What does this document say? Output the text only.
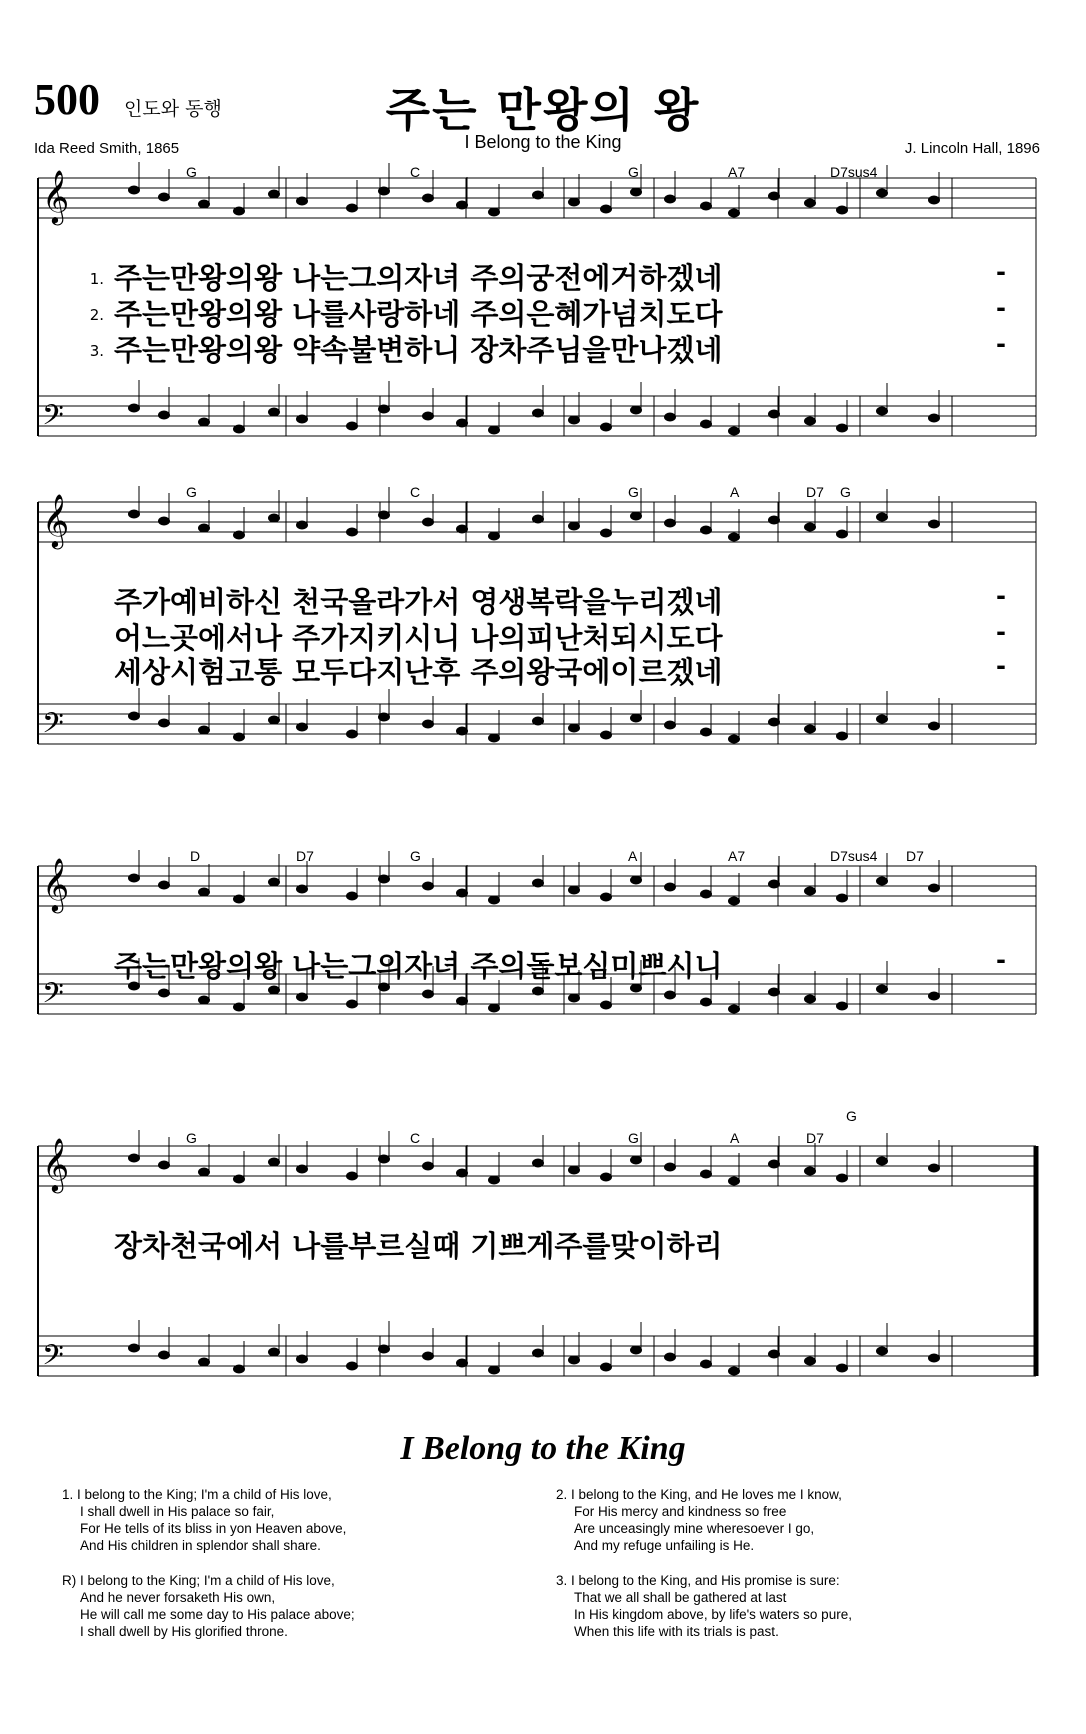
500 인도와 동행	주는 만왕의 왕
I Belong to the King
Ida Reed Smith, 1865	J. Lincoln Hall, 1896
𝄞
𝄢
G	C	G	A7	D7sus4
1. 주는만왕의왕 나는그의자녀 주의궁전에거하겠네
2. 주는만왕의왕 나를사랑하네 주의은혜가넘치도다
3. 주는만왕의왕 약속불변하니 장차주님을만나겠네
-
-
-
𝄞
𝄢
G	C	G	A	D7 G
주가예비하신 천국올라가서 영생복락을누리겠네
어느곳에서나 주가지키시니 나의피난처되시도다
세상시험고통 모두다지난후 주의왕국에이르겠네
-
-
-
𝄞
𝄢
D	D7	G	A	A7	D7sus4 D7
주는만왕의왕 나는그의자녀 주의돌보심미쁘시니	-
𝄞
𝄢
G	C	G	A	D7
G
장차천국에서 나를부르실때 기쁘게주를맞이하리
I Belong to the King
1. I belong to the King; I'm a child of His love,
I shall dwell in His palace so fair,
For He tells of its bliss in yon Heaven above,
And His children in splendor shall share.
R) I belong to the King; I'm a child of His love,
And he never forsaketh His own,
He will call me some day to His palace above;
I shall dwell by His glorified throne.
2. I belong to the King, and He loves me I know,
For His mercy and kindness so free
Are unceasingly mine wheresoever I go,
And my refuge unfailing is He.
3. I belong to the King, and His promise is sure:
That we all shall be gathered at last
In His kingdom above, by life's waters so pure,
When this life with its trials is past.
